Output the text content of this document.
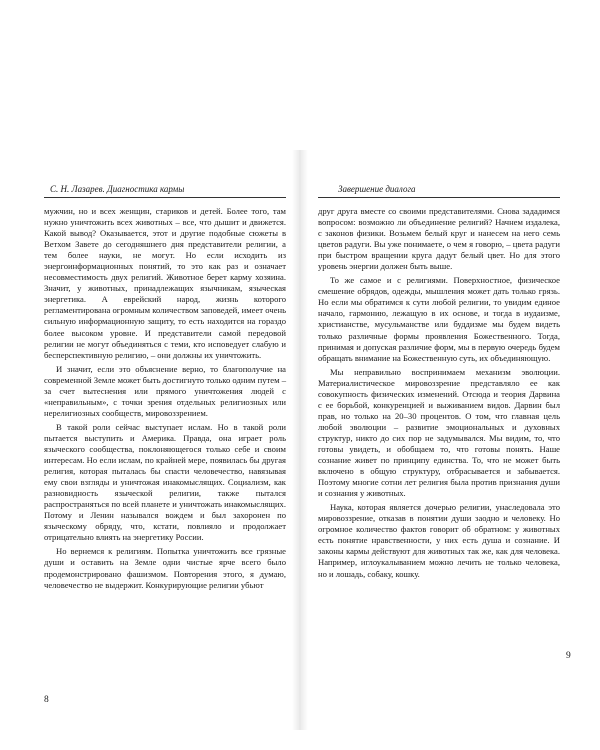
С. Н. Лазарев. Диагностика кармы

мужчин, но и всех женщин, стариков и детей. Более того, там нужно уничтожить всех животных – все, что дышит и движется. Какой вывод? Оказывается, этот и другие подобные сюжеты в Ветхом Завете до сегодняшнего дня представители религии, а тем более науки, не могут. Но если исходить из энергоинформационных понятий, то это как раз и означает несовместимость двух религий. Животное берет карму хозяина. Значит, у животных, принадлежащих язычникам, языческая энергетика. А еврейский народ, жизнь которого регламентирована огромным количеством заповедей, имеет очень сильную информационную защиту, то есть находится на гораздо более высоком уровне. И представители самой передовой религии не могут объединяться с теми, кто исповедует слабую и бесперспективную религию, – они должны их уничтожить.

И значит, если это объяснение верно, то благополучие на современной Земле может быть достигнуто только одним путем – за счет вытеснения или прямого уничтожения людей с «неправильным», с точки зрения отдельных религиозных или нерелигиозных сообществ, мировоззрением.

В такой роли сейчас выступает ислам. Но в такой роли пытается выступить и Америка. Правда, она играет роль языческого сообщества, поклоняющегося только себе и своим интересам. Но если ислам, по крайней мере, появилась бы другая религия, которая пыталась бы спасти человечество, навязывая ему свои взгляды и уничтожая инакомыслящих. Социализм, как разновидность языческой религии, также пытался распространяться по всей планете и уничтожать инакомыслящих. Потому и Ленин назывался вождем и был захоронен по языческому обряду, что, кстати, повлияло и продолжает отрицательно влиять на энергетику России.

Но вернемся к религиям. Попытка уничтожить все грязные души и оставить на Земле одни чистые ярче всего было продемонстрировано фашизмом. Повторения этого, я думаю, человечество не выдержит. Конкурирующие религии убьют

Завершение диалога

друг друга вместе со своими представителями. Снова зададимся вопросом: возможно ли объединение религий? Начнем издалека, с законов физики. Возьмем белый круг и нанесем на него семь цветов радуги. Вы уже понимаете, о чем я говорю, – цвета радуги при быстром вращении круга дадут белый цвет. Но для этого уровень энергии должен быть выше.

То же самое и с религиями. Поверхностное, физическое смешение обрядов, одежды, мышления может дать только грязь. Но если мы обратимся к сути любой религии, то увидим единое начало, гармонию, лежащую в их основе, и тогда в иудаизме, христианстве, мусульманстве или буддизме мы будем видеть только различные формы проявления Божественного. Тогда, принимая и допуская различие форм, мы в первую очередь будем обращать внимание на Божественную суть, их объединяющую.

Мы неправильно воспринимаем механизм эволюции. Материалистическое мировоззрение представляло ее как совокупность физических изменений. Отсюда и теория Дарвина с ее борьбой, конкуренцией и выживанием видов. Дарвин был прав, но только на 20–30 процентов. О том, что главная цель любой эволюции – развитие эмоциональных и духовных структур, никто до сих пор не задумывался. Мы видим, то, что готовы увидеть, и обобщаем то, что готовы понять. Наше сознание живет по принципу единства. То, что не может быть включено в общую структуру, отбрасывается и забывается. Поэтому многие сотни лет религия была против признания души и сознания у животных.

Наука, которая является дочерью религии, унаследовала это мировоззрение, отказав в понятии души заодно и человеку. Но огромное количество фактов говорит об обратном: у животных есть понятие нравственности, у них есть душа и сознание. И законы кармы действуют для животных так же, как для человека. Например, иглоукалыванием можно лечить не только человека, но и лошадь, собаку, кошку.

8
9
